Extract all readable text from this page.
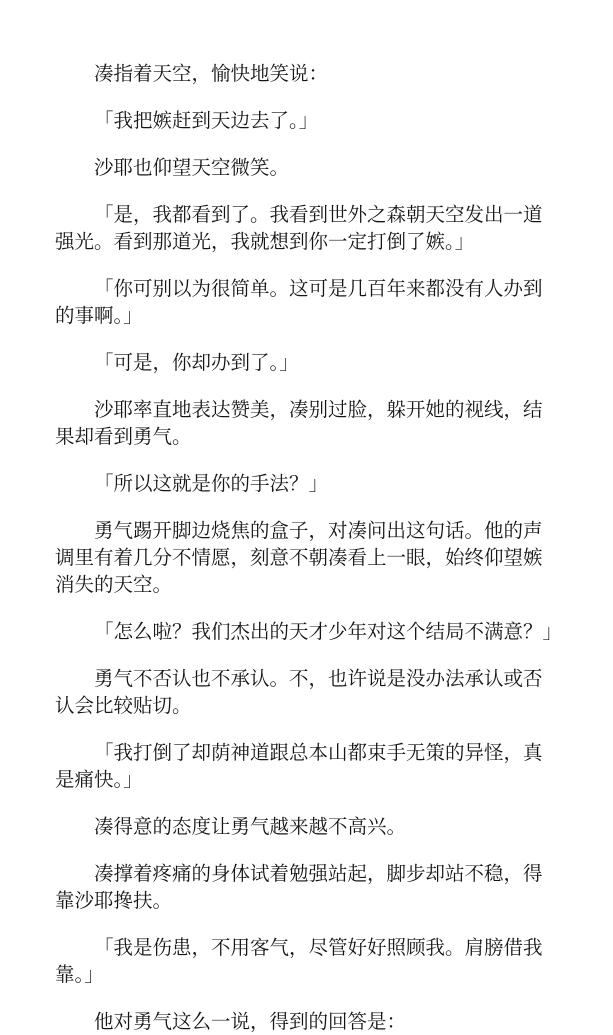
凑指着天空，愉快地笑说：

「我把嫉赶到天边去了。」

沙耶也仰望天空微笑。

「是，我都看到了。我看到世外之森朝天空发出一道强光。看到那道光，我就想到你一定打倒了嫉。」

「你可别以为很简单。这可是几百年来都没有人办到的事啊。」

「可是，你却办到了。」

沙耶率直地表达赞美，凑别过脸，躲开她的视线，结果却看到勇气。

「所以这就是你的手法？」

勇气踢开脚边烧焦的盒子，对凑问出这句话。他的声调里有着几分不情愿，刻意不朝凑看上一眼，始终仰望嫉消失的天空。

「怎么啦？我们杰出的天才少年对这个结局不满意？」

勇气不否认也不承认。不，也许说是没办法承认或否认会比较贴切。

「我打倒了却荫神道跟总本山都束手无策的异怪，真是痛快。」

凑得意的态度让勇气越来越不高兴。

凑撑着疼痛的身体试着勉强站起，脚步却站不稳，得靠沙耶搀扶。

「我是伤患，不用客气，尽管好好照顾我。肩膀借我靠。」

他对勇气这么一说，得到的回答是：
